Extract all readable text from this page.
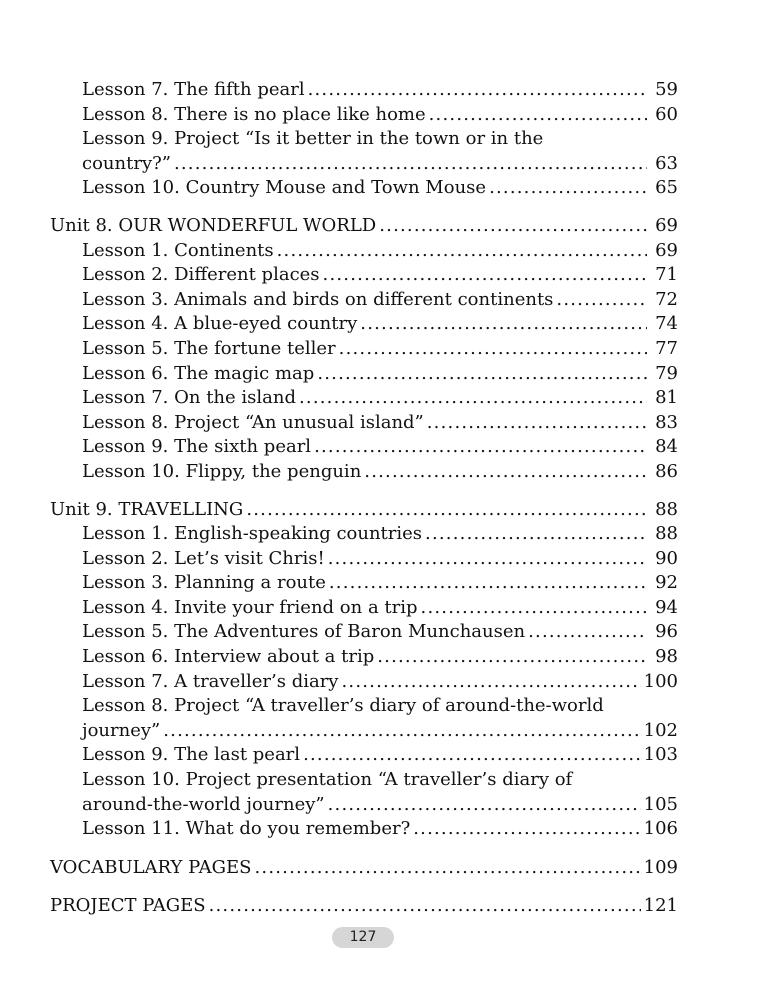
Lesson 7. The fifth pearl .....	59
Lesson 8. There is no place like home .....	60
Lesson 9. Project “Is it better in the town or in the
country?” .....	63
Lesson 10. Country Mouse and Town Mouse .....	65
Unit 8. OUR WONDERFUL WORLD .....	69
Lesson 1. Continents .....	69
Lesson 2. Different places .....	71
Lesson 3. Animals and birds on different continents .....	72
Lesson 4. A blue-eyed country .....	74
Lesson 5. The fortune teller .....	77
Lesson 6. The magic map .....	79
Lesson 7. On the island .....	81
Lesson 8. Project “An unusual island” .....	83
Lesson 9. The sixth pearl .....	84
Lesson 10. Flippy, the penguin .....	86
Unit 9. TRAVELLING .....	88
Lesson 1. English-speaking countries .....	88
Lesson 2. Let’s visit Chris! .....	90
Lesson 3. Planning a route .....	92
Lesson 4. Invite your friend on a trip .....	94
Lesson 5. The Adventures of Baron Munchausen .....	96
Lesson 6. Interview about a trip .....	98
Lesson 7. A traveller’s diary .....	100
Lesson 8. Project “A traveller’s diary of around-the-world
journey” .....	102
Lesson 9. The last pearl .....	103
Lesson 10. Project presentation “A traveller’s diary of
around-the-world journey” .....	105
Lesson 11. What do you remember? .....	106
VOCABULARY PAGES .....	109
PROJECT PAGES .....	121
127
